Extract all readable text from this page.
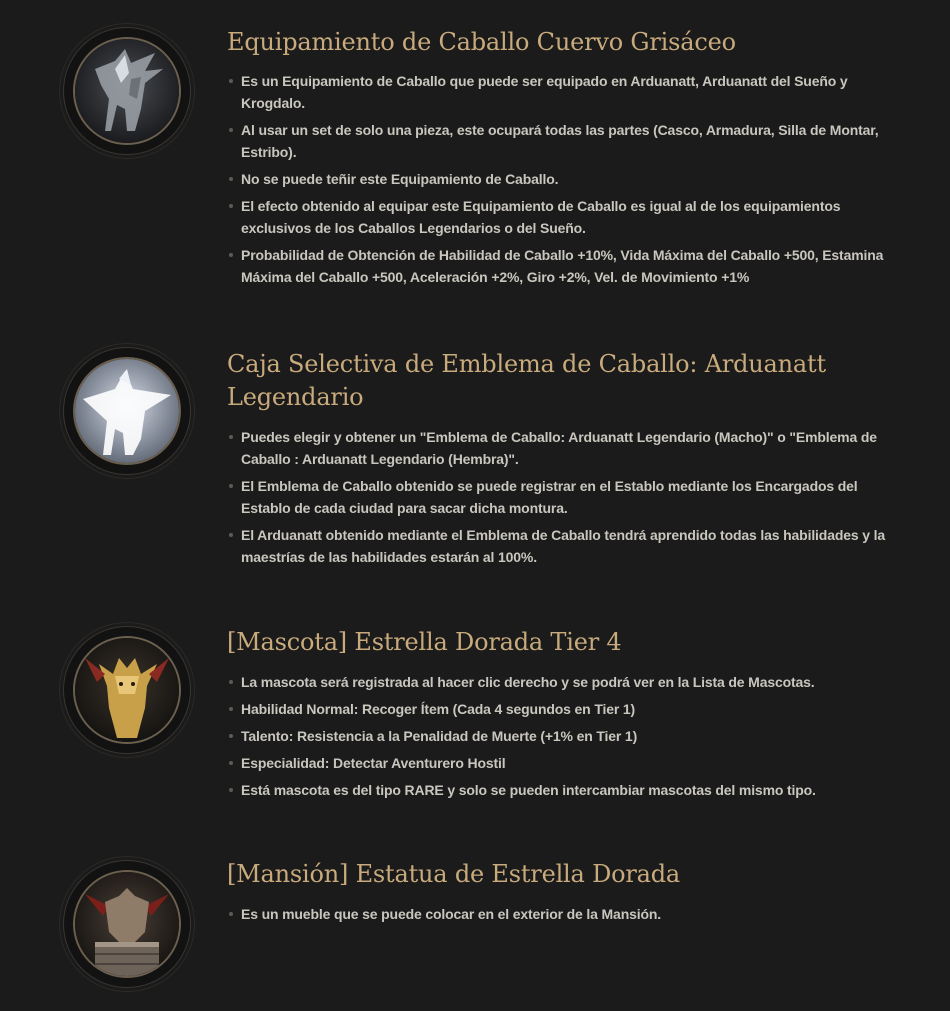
Equipamiento de Caballo Cuervo Grisáceo
Es un Equipamiento de Caballo que puede ser equipado en Arduanatt, Arduanatt del Sueño y Krogdalo.
Al usar un set de solo una pieza, este ocupará todas las partes (Casco, Armadura, Silla de Montar, Estribo).
No se puede teñir este Equipamiento de Caballo.
El efecto obtenido al equipar este Equipamiento de Caballo es igual al de los equipamientos exclusivos de los Caballos Legendarios o del Sueño.
Probabilidad de Obtención de Habilidad de Caballo +10%, Vida Máxima del Caballo +500, Estamina Máxima del Caballo +500, Aceleración +2%, Giro +2%, Vel. de Movimiento +1%
Caja Selectiva de Emblema de Caballo: Arduanatt Legendario
Puedes elegir y obtener un "Emblema de Caballo: Arduanatt Legendario (Macho)" o "Emblema de Caballo : Arduanatt Legendario (Hembra)".
El Emblema de Caballo obtenido se puede registrar en el Establo mediante los Encargados del Establo de cada ciudad para sacar dicha montura.
El Arduanatt obtenido mediante el Emblema de Caballo tendrá aprendido todas las habilidades y la maestrías de las habilidades estarán al 100%.
[Mascota] Estrella Dorada Tier 4
La mascota será registrada al hacer clic derecho y se podrá ver en la Lista de Mascotas.
Habilidad Normal: Recoger Ítem (Cada 4 segundos en Tier 1)
Talento: Resistencia a la Penalidad de Muerte (+1% en Tier 1)
Especialidad: Detectar Aventurero Hostil
Está mascota es del tipo RARE y solo se pueden intercambiar mascotas del mismo tipo.
[Mansión] Estatua de Estrella Dorada
Es un mueble que se puede colocar en el exterior de la Mansión.
